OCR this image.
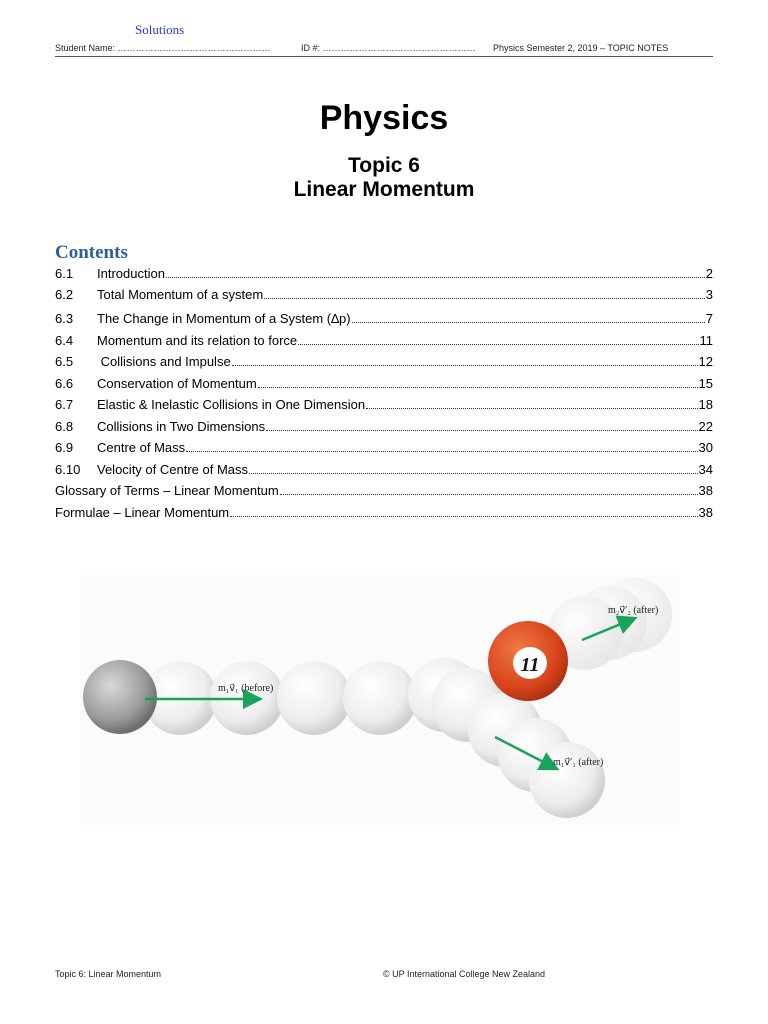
Solutions
Student Name: ……………………………………………	ID #: …………………………………………… Physics Semester 2, 2019 – TOPIC NOTES
Physics
Topic 6
Linear Momentum
Contents
6.1	Introduction	2
6.2	Total Momentum of a system	3
6.3	The Change in Momentum of a System (∆p)	7
6.4	Momentum and its relation to force	11
6.5	Collisions and Impulse	12
6.6	Conservation of Momentum	15
6.7	Elastic & Inelastic Collisions in One Dimension	18
6.8	Collisions in Two Dimensions	22
6.9	Centre of Mass	30
6.10	Velocity of Centre of Mass	34
Glossary of Terms – Linear Momentum	38
Formulae – Linear Momentum	38
11
m₁v⃗₁ (before)
m₁v⃗′₁ (after)
m₂v⃗′₂ (after)
Topic 6: Linear Momentum	© UP International College New Zealand
